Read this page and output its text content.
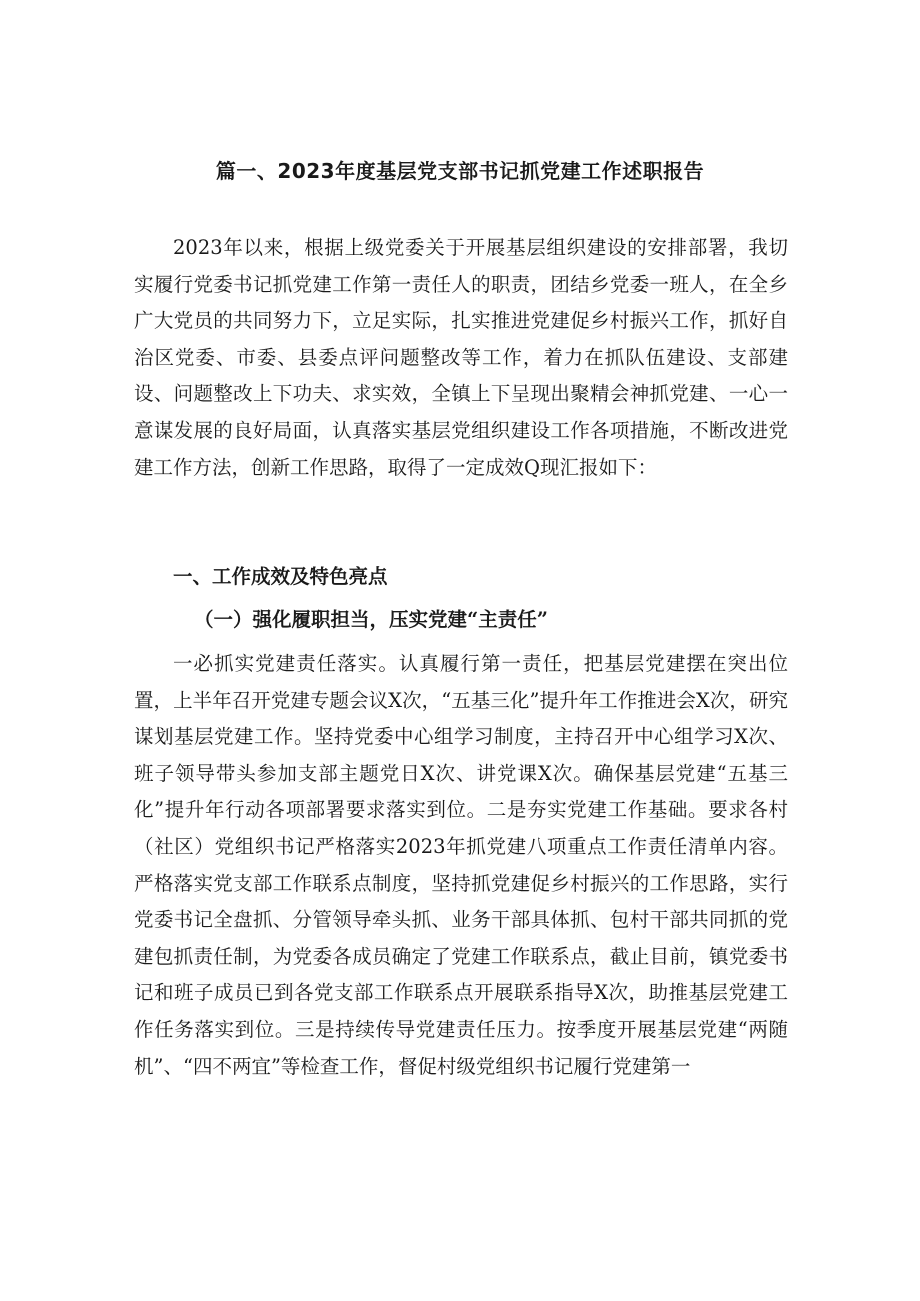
篇一、2023年度基层党支部书记抓党建工作述职报告

2023年以来，根据上级党委关于开展基层组织建设的安排部署，我切实履行党委书记抓党建工作第一责任人的职责，团结乡党委一班人，在全乡广大党员的共同努力下，立足实际，扎实推进党建促乡村振兴工作，抓好自治区党委、市委、县委点评问题整改等工作，着力在抓队伍建设、支部建设、问题整改上下功夫、求实效，全镇上下呈现出聚精会神抓党建、一心一意谋发展的良好局面，认真落实基层党组织建设工作各项措施，不断改进党建工作方法，创新工作思路，取得了一定成效Q现汇报如下：

一、工作成效及特色亮点
（一）强化履职担当，压实党建“主责任”

一必抓实党建责任落实。认真履行第一责任，把基层党建摆在突出位置，上半年召开党建专题会议X次，“五基三化”提升年工作推进会X次，研究谋划基层党建工作。坚持党委中心组学习制度，主持召开中心组学习X次、班子领导带头参加支部主题党日X次、讲党课X次。确保基层党建“五基三化”提升年行动各项部署要求落实到位。二是夯实党建工作基础。要求各村（社区）党组织书记严格落实2023年抓党建八项重点工作责任清单内容。严格落实党支部工作联系点制度，坚持抓党建促乡村振兴的工作思路，实行党委书记全盘抓、分管领导牵头抓、业务干部具体抓、包村干部共同抓的党建包抓责任制，为党委各成员确定了党建工作联系点，截止目前，镇党委书记和班子成员已到各党支部工作联系点开展联系指导X次，助推基层党建工作任务落实到位。三是持续传导党建责任压力。按季度开展基层党建“两随机”、“四不两宜”等检查工作，督促村级党组织书记履行党建第一
